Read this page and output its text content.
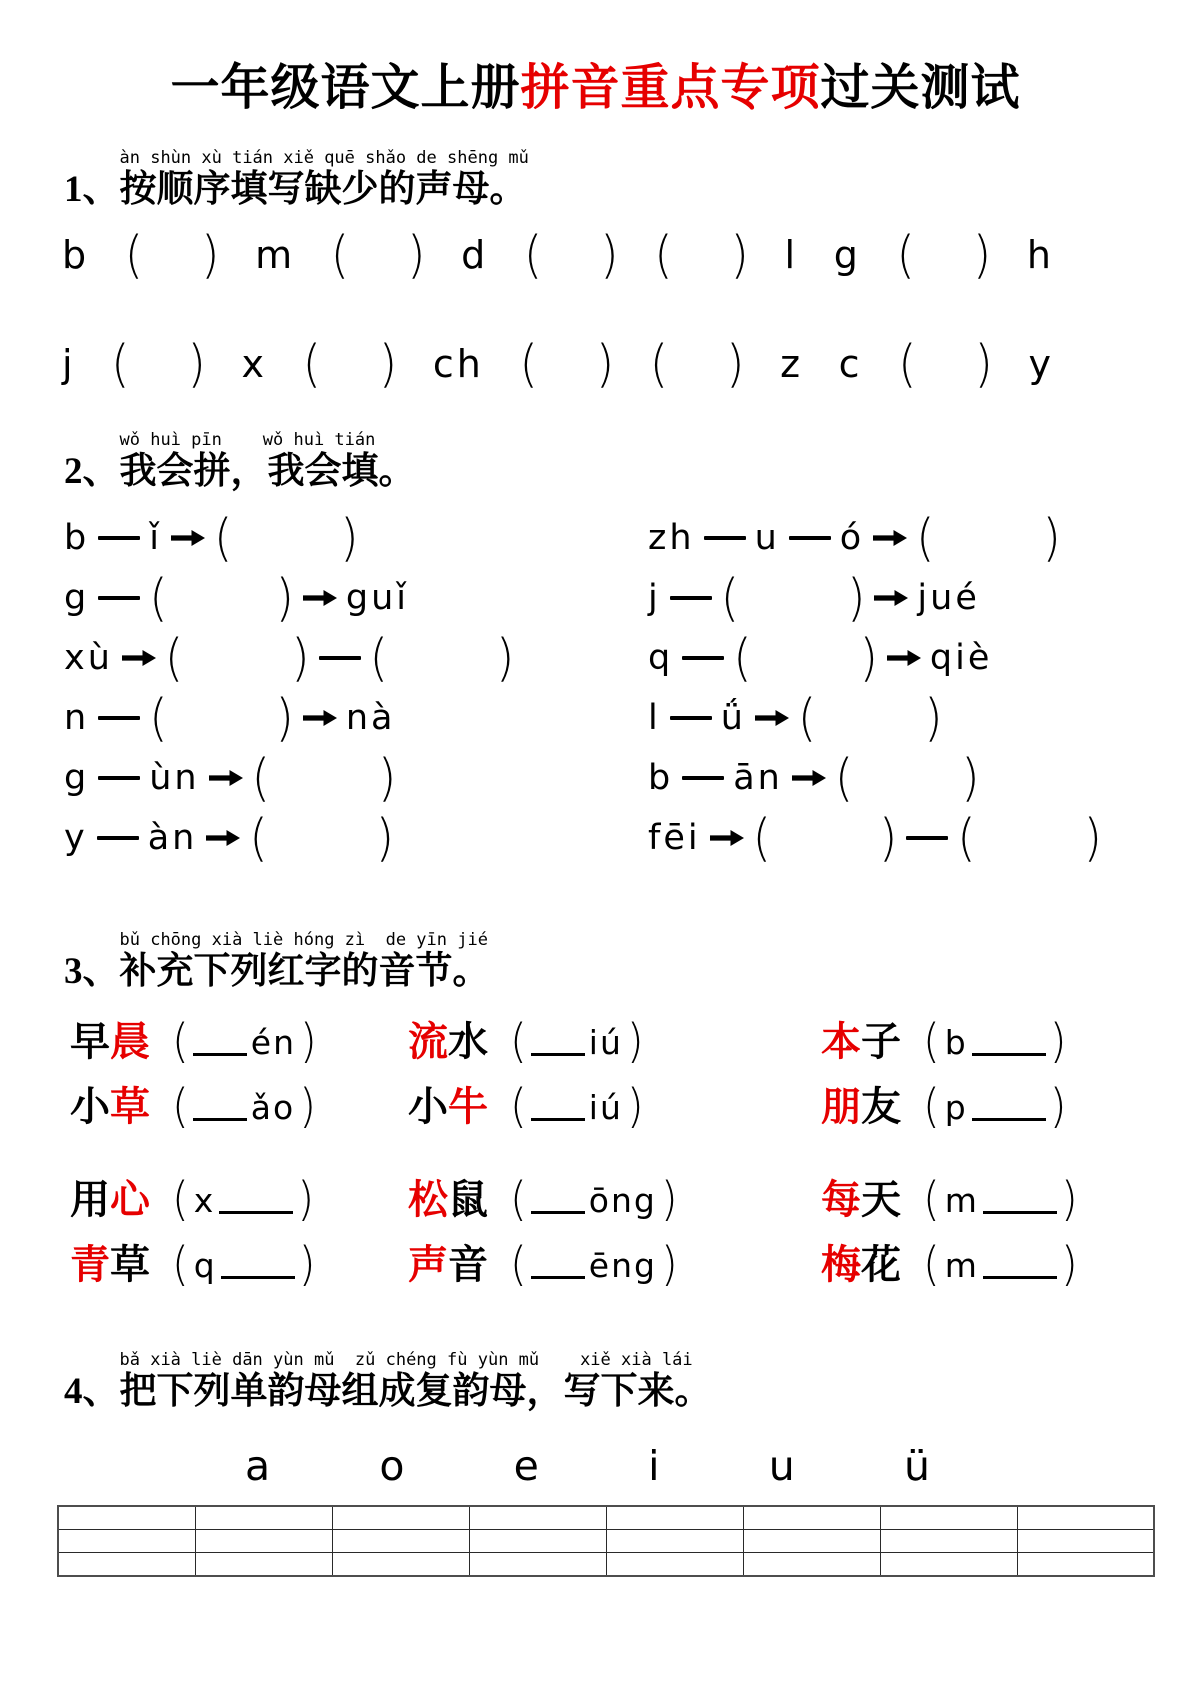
一年级语文上册拼音重点专项过关测试
1、
àn shùn xù tián xiě quē shǎo de shēng mǔ
按顺序填写缺少的声母。
b ( ) m ( ) d ( ) ( ) l g ( ) h
j ( ) x ( ) ch ( ) ( ) z c ( ) y
2、
wǒ huì pīn    wǒ huì tián
我会拼，我会填。
b ǐ ( )	zh u ó ( )
g ( ) guǐ	j ( ) jué
xù ( ) ( )	q ( ) qiè
n ( ) nà	l ǘ ( )
g ùn ( )	b ān ( )
y àn ( )	fēi ( ) ( )
3、
bǔ chōng xià liè hóng zì  de yīn jié
补充下列红字的音节。
早晨 ( én ) 流水 ( iú )	本子 ( b )
小草 ( ǎo ) 小牛 ( iú )	朋友 ( p )
用心 ( x ) 松鼠 ( ōng )	每天 ( m )
青草 ( q ) 声音 ( ēng )	梅花 ( m )
4、
bǎ xià liè dān yùn mǔ  zǔ chéng fù yùn mǔ    xiě xià lái
把下列单韵母组成复韵母，写下来。
a	o	e	i	u	ü
